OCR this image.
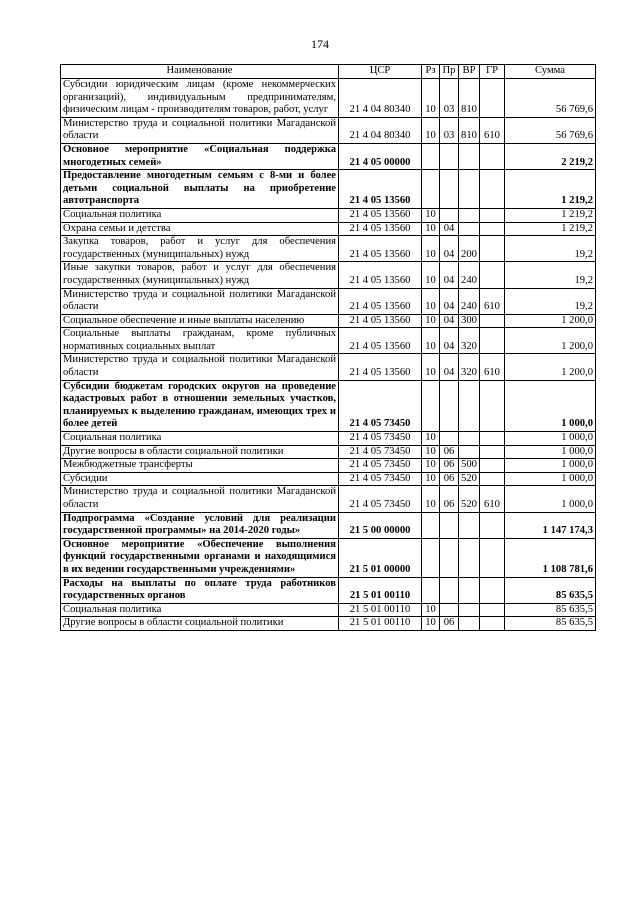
174
Наименование	ЦСР	Рз	Пр	ВР	ГР	Сумма
Субсидии юридическим лицам (кроме некоммерческих организаций), индивидуальным предпринимателям, физическим лицам - производителям товаров, работ, услуг	21 4 04 80340	10	03	810		56 769,6
Министерство труда и социальной политики Магаданской области	21 4 04 80340	10	03	810	610	56 769,6
Основное мероприятие «Социальная поддержка многодетных семей»	21 4 05 00000					2 219,2
Предоставление многодетным семьям с 8-ми и более детьми социальной выплаты на приобретение автотранспорта	21 4 05 13560					1 219,2
Социальная политика	21 4 05 13560	10				1 219,2
Охрана семьи и детства	21 4 05 13560	10	04			1 219,2
Закупка товаров, работ и услуг для обеспечения государственных (муниципальных) нужд	21 4 05 13560	10	04	200		19,2
Иные закупки товаров, работ и услуг для обеспечения государственных (муниципальных) нужд	21 4 05 13560	10	04	240		19,2
Министерство труда и социальной политики Магаданской области	21 4 05 13560	10	04	240	610	19,2
Социальное обеспечение и иные выплаты населению	21 4 05 13560	10	04	300		1 200,0
Социальные выплаты гражданам, кроме публичных нормативных социальных выплат	21 4 05 13560	10	04	320		1 200,0
Министерство труда и социальной политики Магаданской области	21 4 05 13560	10	04	320	610	1 200,0
Субсидии бюджетам городских округов на проведение кадастровых работ в отношении земельных участков, планируемых к выделению гражданам, имеющих трех и более детей	21 4 05 73450					1 000,0
Социальная политика	21 4 05 73450	10				1 000,0
Другие вопросы в области социальной политики	21 4 05 73450	10	06			1 000,0
Межбюджетные трансферты	21 4 05 73450	10	06	500		1 000,0
Субсидии	21 4 05 73450	10	06	520		1 000,0
Министерство труда и социальной политики Магаданской области	21 4 05 73450	10	06	520	610	1 000,0
Подпрограмма «Создание условий для реализации государственной программы» на 2014-2020 годы»	21 5 00 00000					1 147 174,3
Основное мероприятие «Обеспечение выполнения функций государственными органами и находящимися в их ведении государственными учреждениями»	21 5 01 00000					1 108 781,6
Расходы на выплаты по оплате труда работников государственных органов	21 5 01 00110					85 635,5
Социальная политика	21 5 01 00110	10				85 635,5
Другие вопросы в области социальной политики	21 5 01 00110	10	06			85 635,5
